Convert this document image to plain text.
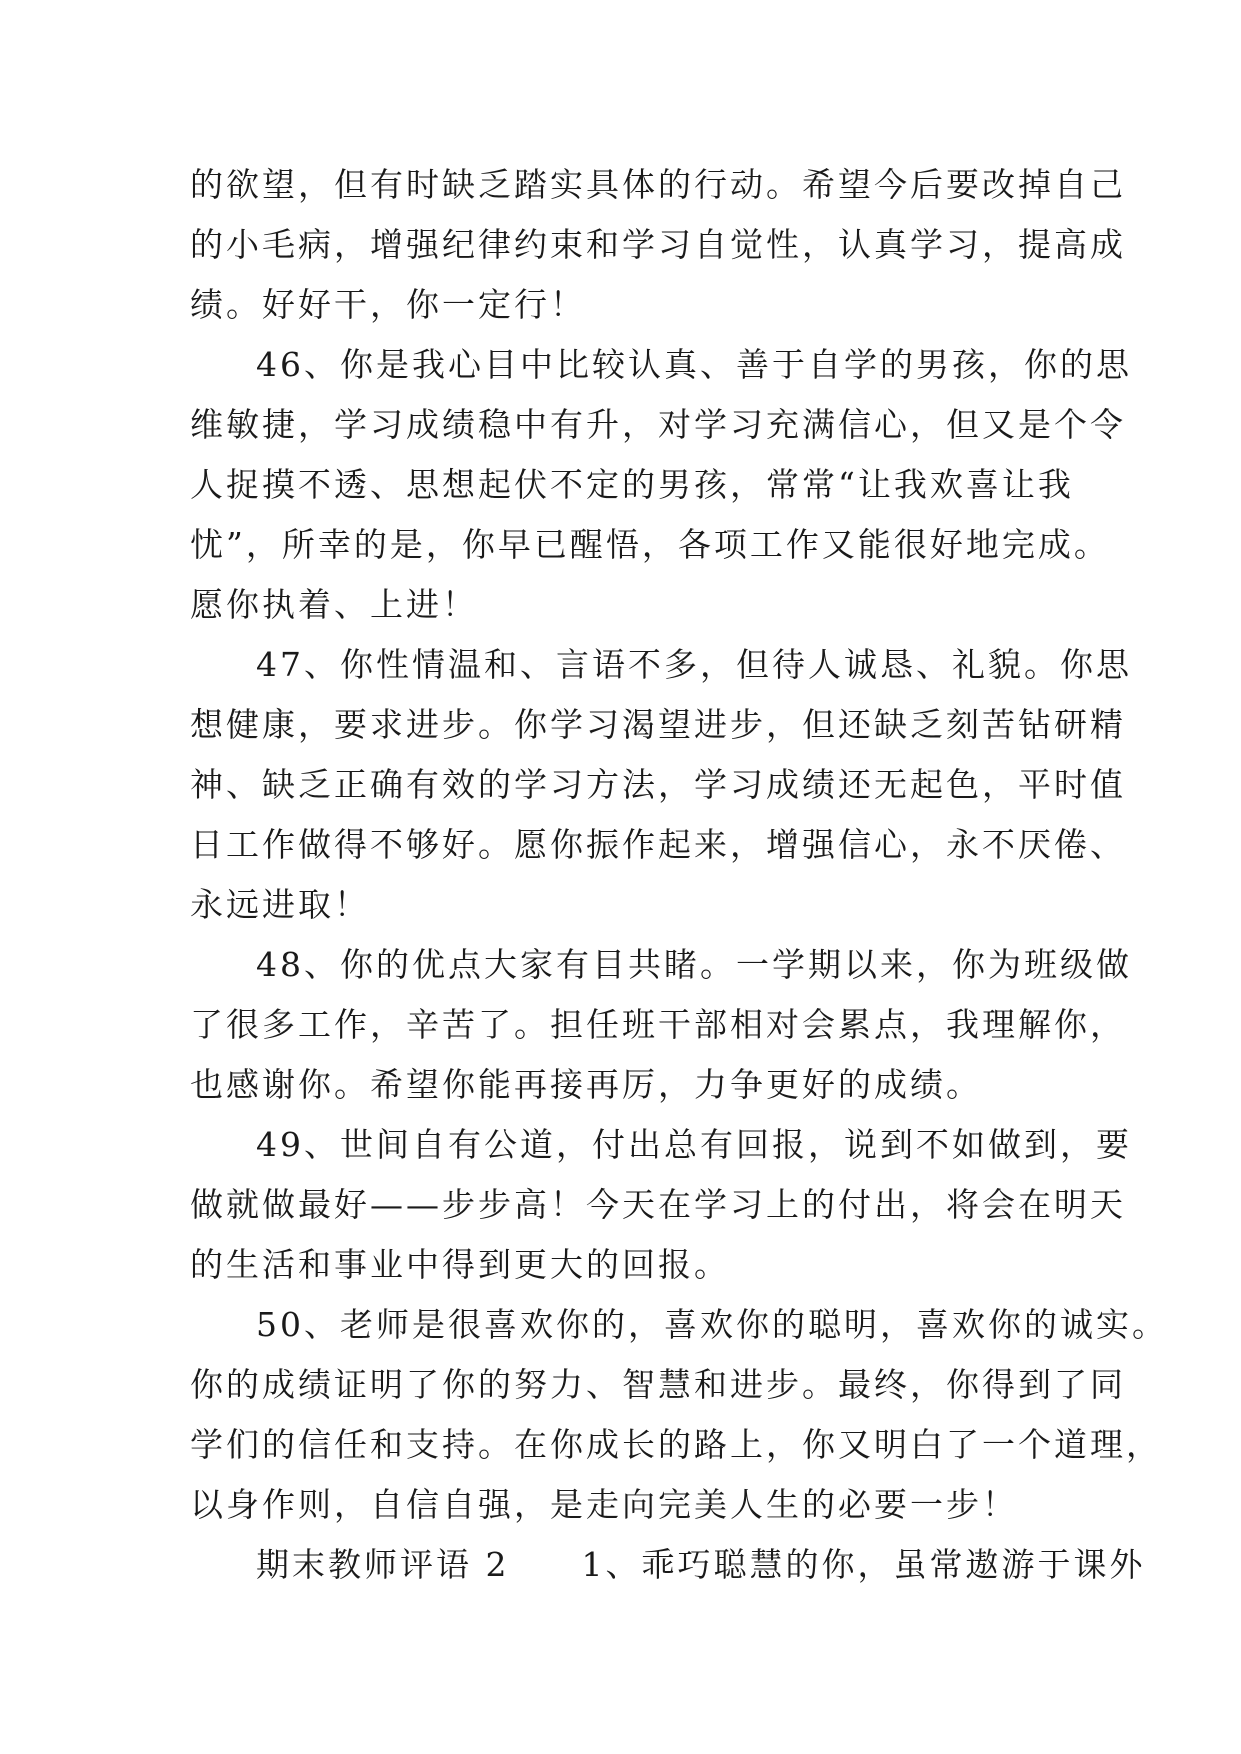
的欲望，但有时缺乏踏实具体的行动。希望今后要改掉自己
的小毛病，增强纪律约束和学习自觉性，认真学习，提高成
绩。好好干，你一定行！
46、你是我心目中比较认真、善于自学的男孩，你的思
维敏捷，学习成绩稳中有升，对学习充满信心，但又是个令
人捉摸不透、思想起伏不定的男孩，常常“让我欢喜让我
忧”，所幸的是，你早已醒悟，各项工作又能很好地完成。
愿你执着、上进！
47、你性情温和、言语不多，但待人诚恳、礼貌。你思
想健康，要求进步。你学习渴望进步，但还缺乏刻苦钻研精
神、缺乏正确有效的学习方法，学习成绩还无起色，平时值
日工作做得不够好。愿你振作起来，增强信心，永不厌倦、
永远进取！
48、你的优点大家有目共睹。一学期以来，你为班级做
了很多工作，辛苦了。担任班干部相对会累点，我理解你，
也感谢你。希望你能再接再厉，力争更好的成绩。
49、世间自有公道，付出总有回报，说到不如做到，要
做就做最好——步步高！今天在学习上的付出，将会在明天
的生活和事业中得到更大的回报。
50、老师是很喜欢你的，喜欢你的聪明，喜欢你的诚实。
你的成绩证明了你的努力、智慧和进步。最终，你得到了同
学们的信任和支持。在你成长的路上，你又明白了一个道理，
以身作则，自信自强，是走向完美人生的必要一步！
期末教师评语 2　　1、乖巧聪慧的你，虽常遨游于课外
